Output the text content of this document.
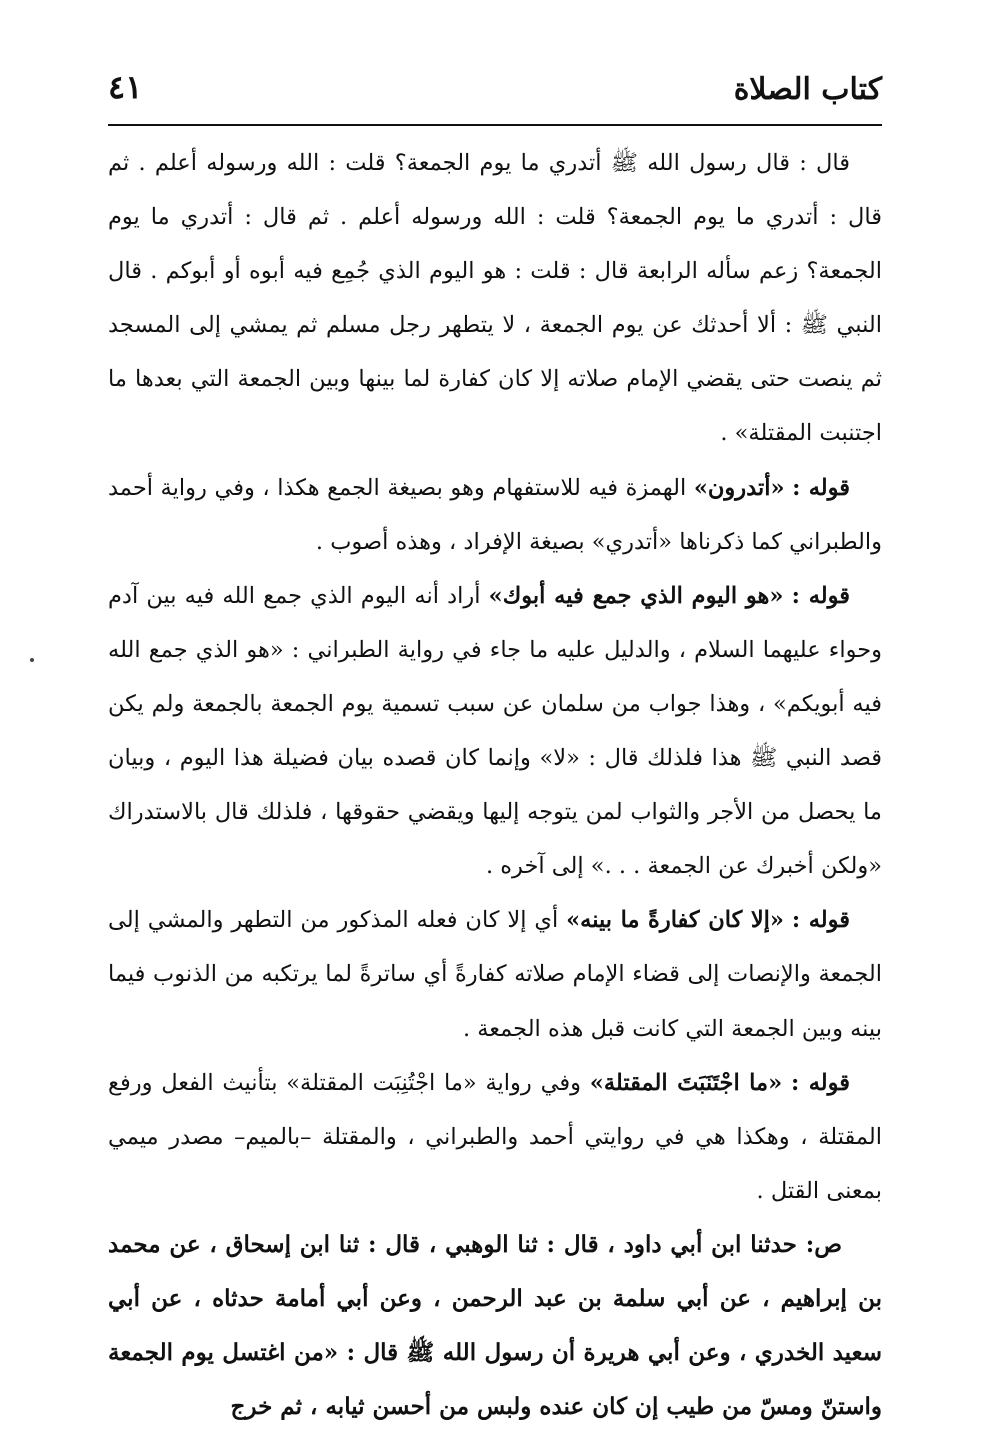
كتاب الصلاة
٤١

قال : قال رسول الله ﷺ أتدري ما يوم الجمعة؟ قلت : الله ورسوله أعلم . ثم قال : أتدري ما يوم الجمعة؟ قلت : الله ورسوله أعلم . ثم قال : أتدري ما يوم الجمعة؟ زعم سأله الرابعة قال : قلت : هو اليوم الذي جُمِع فيه أبوه أو أبوكم . قال النبي ﷺ : ألا أحدثك عن يوم الجمعة ، لا يتطهر رجل مسلم ثم يمشي إلى المسجد ثم ينصت حتى يقضي الإمام صلاته إلا كان كفارة لما بينها وبين الجمعة التي بعدها ما اجتنبت المقتلة» .

قوله : «أتدرون» الهمزة فيه للاستفهام وهو بصيغة الجمع هكذا ، وفي رواية أحمد والطبراني كما ذكرناها «أتدري» بصيغة الإفراد ، وهذه أصوب .

قوله : «هو اليوم الذي جمع فيه أبوك» أراد أنه اليوم الذي جمع الله فيه بين آدم وحواء عليهما السلام ، والدليل عليه ما جاء في رواية الطبراني : «هو الذي جمع الله فيه أبويكم» ، وهذا جواب من سلمان عن سبب تسمية يوم الجمعة بالجمعة ولم يكن قصد النبي ﷺ هذا فلذلك قال : «لا» وإنما كان قصده بيان فضيلة هذا اليوم ، وبيان ما يحصل من الأجر والثواب لمن يتوجه إليها ويقضي حقوقها ، فلذلك قال بالاستدراك «ولكن أخبرك عن الجمعة . . .» إلى آخره .

قوله : «إلا كان كفارةً ما بينه» أي إلا كان فعله المذكور من التطهر والمشي إلى الجمعة والإنصات إلى قضاء الإمام صلاته كفارةً أي ساترةً لما يرتكبه من الذنوب فيما بينه وبين الجمعة التي كانت قبل هذه الجمعة .

قوله : «ما اجْتَنَبَتَ المقتلة» وفي رواية «ما اجْتُنِبَت المقتلة» بتأنيث الفعل ورفع المقتلة ، وهكذا هي في روايتي أحمد والطبراني ، والمقتلة –بالميم– مصدر ميمي بمعنى القتل .

ص: حدثنا ابن أبي داود ، قال : ثنا الوهبي ، قال : ثنا ابن إسحاق ، عن محمد بن إبراهيم ، عن أبي سلمة بن عبد الرحمن ، وعن أبي أمامة حدثاه ، عن أبي سعيد الخدري ، وعن أبي هريرة أن رسول الله ﷺ قال : «من اغتسل يوم الجمعة واستنّ ومسّ من طيب إن كان عنده ولبس من أحسن ثيابه ، ثم خرج
